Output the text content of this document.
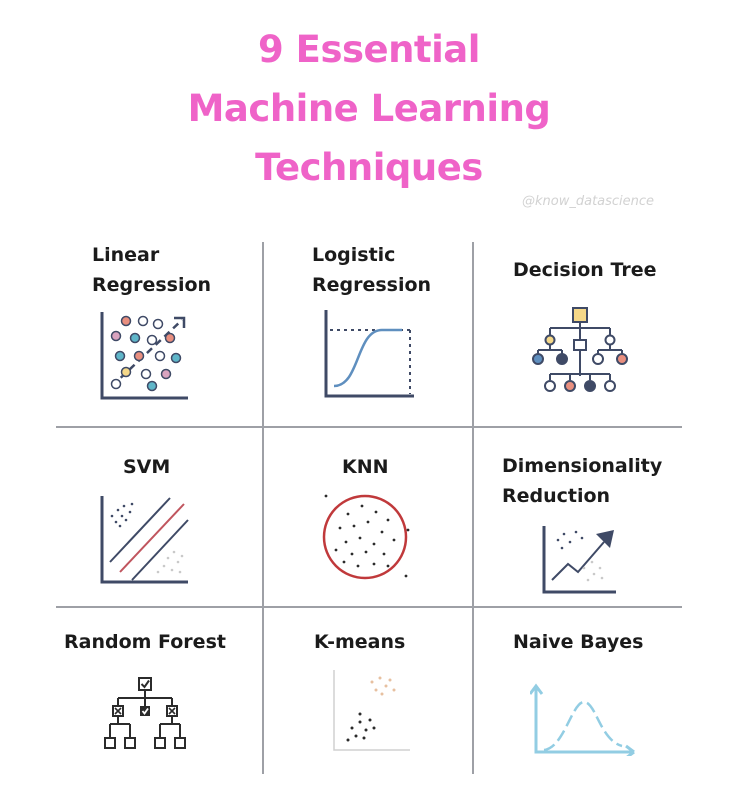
9 Essential
Machine Learning
Techniques
@know_datascience
Linear
Regression
Logistic
Regression
Decision Tree
SVM	KNN	Dimensionality
Reduction
Random Forest	K-means	Naive Bayes
